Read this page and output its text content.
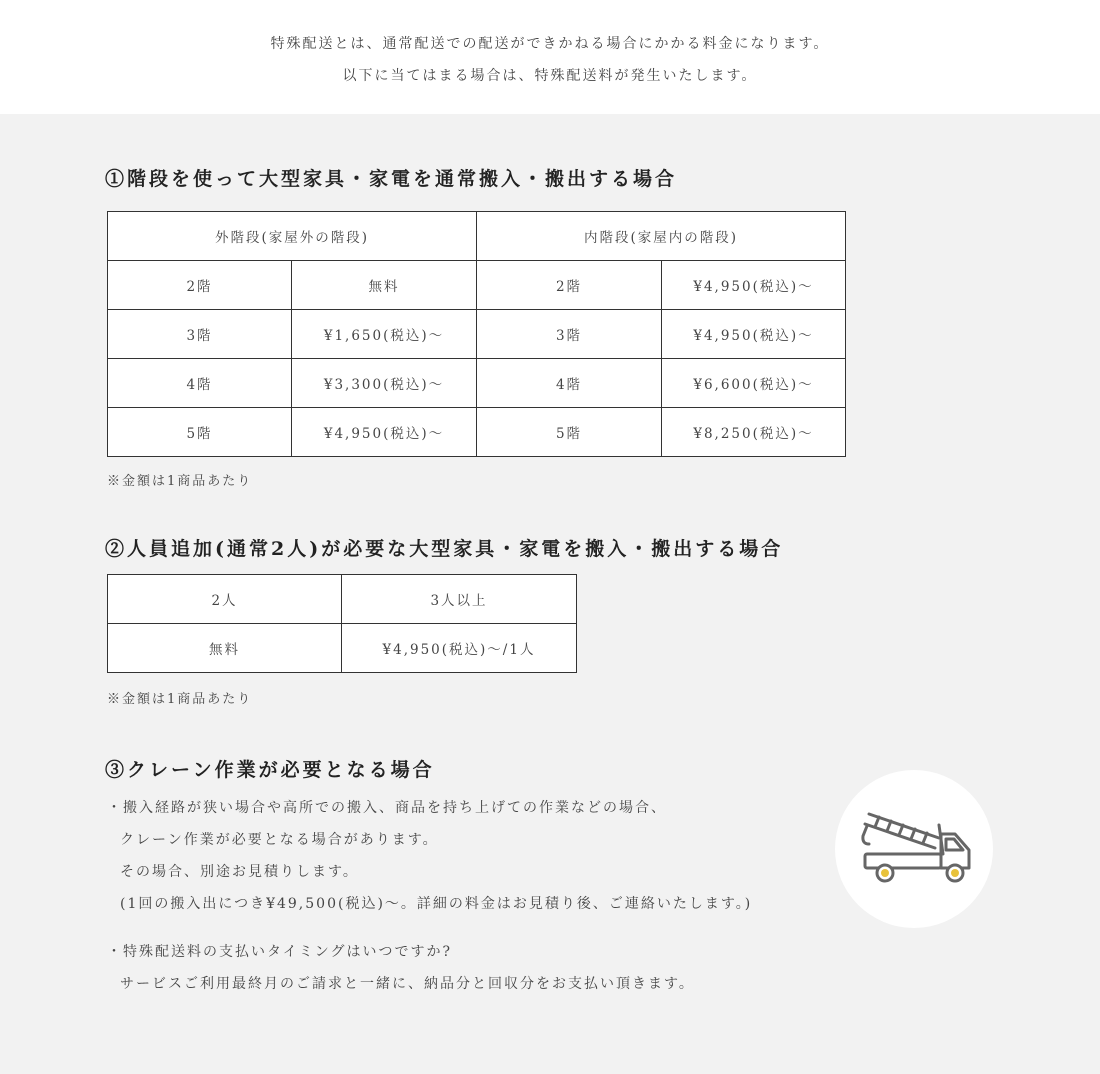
特殊配送とは、通常配送での配送ができかねる場合にかかる料金になります。

以下に当てはまる場合は、特殊配送料が発生いたします。

①階段を使って大型家具・家電を通常搬入・搬出する場合
外階段(家屋外の階段)		内階段(家屋内の階段)	
2階	無料	2階	¥4,950(税込)〜
3階	¥1,650(税込)〜	3階	¥4,950(税込)〜
4階	¥3,300(税込)〜	4階	¥6,600(税込)〜
5階	¥4,950(税込)〜	5階	¥8,250(税込)〜

※金額は1商品あたり

②人員追加(通常2人)が必要な大型家具・家電を搬入・搬出する場合
2人	3人以上
無料	¥4,950(税込)〜/1人

※金額は1商品あたり

③クレーン作業が必要となる場合

・搬入経路が狭い場合や高所での搬入、商品を持ち上げての作業などの場合、

クレーン作業が必要となる場合があります。

その場合、別途お見積りします。

(1回の搬入出につき¥49,500(税込)〜。詳細の料金はお見積り後、ご連絡いたします。)

・特殊配送料の支払いタイミングはいつですか?

サービスご利用最終月のご請求と一緒に、納品分と回収分をお支払い頂きます。
